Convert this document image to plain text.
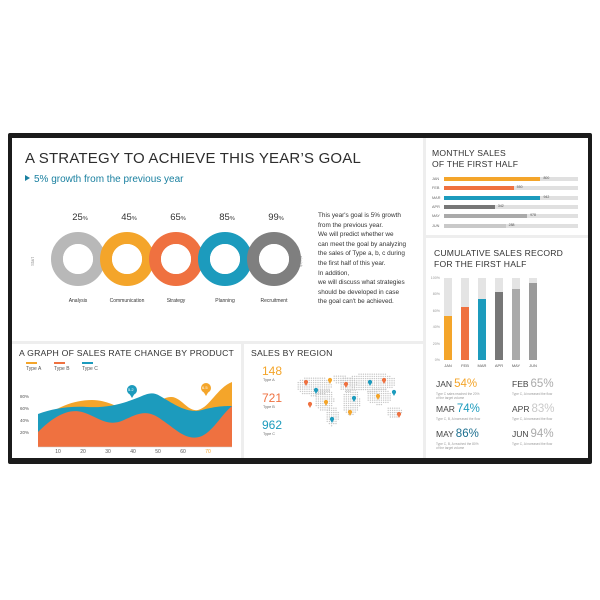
A STRATEGY TO ACHIEVE THIS YEAR’S GOAL
5% growth from the previous year
Start	Finish
25%
Analysis
45%
Option 01
Communication
65%
Option 02
Strategy
85%
Option 03
Planning
99%
Option 04
Recruitment
This year's goal is 5% growth
from the previous year.
We will predict whether we
can meet the goal by analyzing
the sales of Type a, b, c during
the first half of this year.
In addition,
we will discuss what strategies
should be developed in case
the goal can't be achieved.
MONTHLY SALES
OF THE FIRST HALF
JAN	800
FEB	550
MAR	942
APR	342
MAY	978
JUN	288
CUMULATIVE SALES RECORD
FOR THE FIRST HALF
100%
80%
60%
40%
20%
0%
JAN FEB MAR APR MAY JUN
JAN 54%
Type C sales reached the 20%
of the target volume
FEB 65%
Type C, A increased the flow
MAR 74%
Type C, B, A increased the flow
APR 83%
Type C, A increased the flow
MAY 86%
Type C, B, A reached the 80%
of the target volume
JUN 94%
Type C, A increased the flow
A GRAPH OF SALES RATE CHANGE BY PRODUCT
Type A	Type B Type C
80%
60%
40%
20%
5.2	6.5
10	20	30	40	50	60	70
SALES BY REGION
148
Type A
721
Type B
962
Type C
